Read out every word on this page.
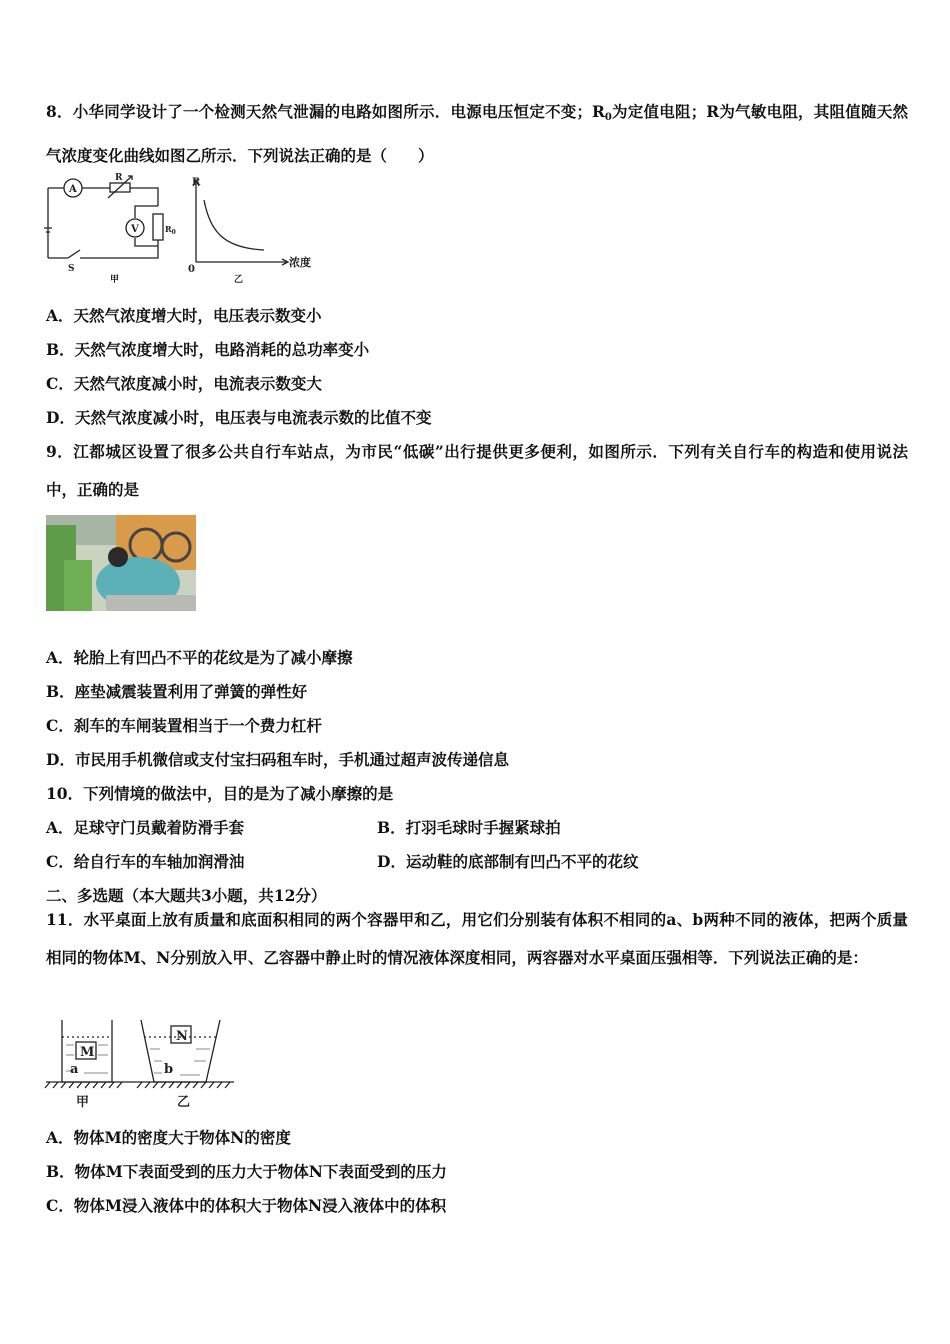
8．小华同学设计了一个检测天然气泄漏的电路如图所示．电源电压恒定不变；$R_0$为定值电阻；R为气敏电阻，其阻值随天然气浓度变化曲线如图乙所示．下列说法正确的是（　　）
A
R
V	$R_0$
S
甲
R
0
浓度
乙
A．天然气浓度增大时，电压表示数变小
B．天然气浓度增大时，电路消耗的总功率变小
C．天然气浓度减小时，电流表示数变大
D．天然气浓度减小时，电压表与电流表示数的比值不变
9．江都城区设置了很多公共自行车站点，为市民“低碳”出行提供更多便利，如图所示．下列有关自行车的构造和使用说法中，正确的是
A．轮胎上有凹凸不平的花纹是为了减小摩擦
B．座垫减震装置利用了弹簧的弹性好
C．刹车的车闸装置相当于一个费力杠杆
D．市民用手机微信或支付宝扫码租车时，手机通过超声波传递信息
10．下列情境的做法中，目的是为了减小摩擦的是
A．足球守门员戴着防滑手套	B．打羽毛球时手握紧球拍
C．给自行车的车轴加润滑油	D．运动鞋的底部制有凹凸不平的花纹
二、多选题（本大题共3小题，共12分）
11．水平桌面上放有质量和底面积相同的两个容器甲和乙，用它们分别装有体积不相同的a、b两种不同的液体，把两个质量相同的物体M、N分别放入甲、乙容器中静止时的情况液体深度相同，两容器对水平桌面压强相等．下列说法正确的是：
M
a
N
b
甲	乙
A．物体M的密度大于物体N的密度
B．物体M下表面受到的压力大于物体N下表面受到的压力
C．物体M浸入液体中的体积大于物体N浸入液体中的体积
